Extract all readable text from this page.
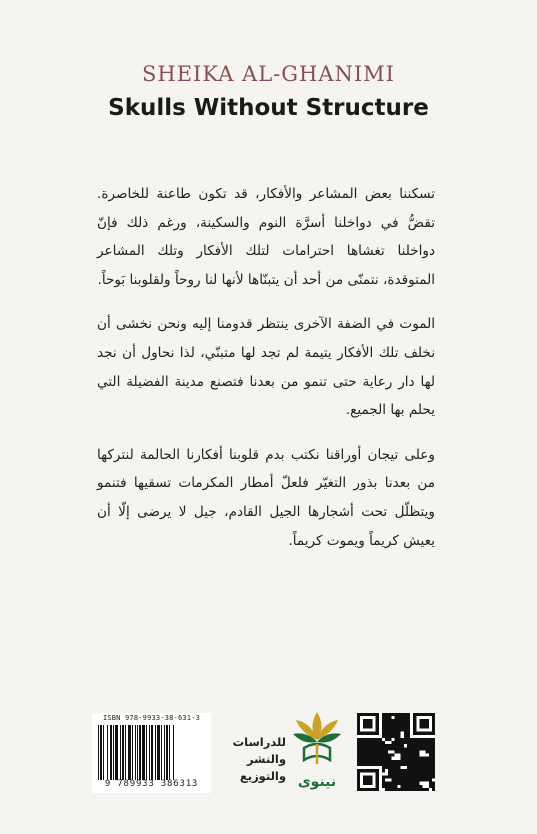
SHEIKA AL-GHANIMI
Skulls Without Structure

تسكننا بعض المشاعر والأفكار، قد تكون طاعنة للخاصرة. تقضُّ في دواخلنا أسرَّة النوم والسكينة، ورغم ذلك فإنّ دواخلنا تغشاها احترامات لتلك الأفكار وتلك المشاعر المتوقدة، نتمنّى من أحد أن يتبنّاها لأنها لنا روحاً ولقلوبنا بَوحاً.

الموت في الضفة الآخرى ينتظر قدومنا إليه ونحن نخشى أن نخلف تلك الأفكار يتيمة لم تجد لها متبنّي، لذا نحاول أن نجد لها دار رعاية حتى تنمو من بعدنا فتصنع مدينة الفضيلة التي يحلم بها الجميع.

وعلى تيجان أوراقنا نكتب بدم قلوبنا أفكارنا الحالمة لنتركها من بعدنا بذور التغيّر فلعلّ أمطار المكرمات تسقيها فتنمو ويتظلّل تحت أشجارها الجيل القادم، جيل لا يرضى إلّا أن يعيش كريماً ويموت كريماً.

ISBN 978-9933-38-631-3
9 789933 386313
للدراسات
والنشر
والتوزيع نينوى
